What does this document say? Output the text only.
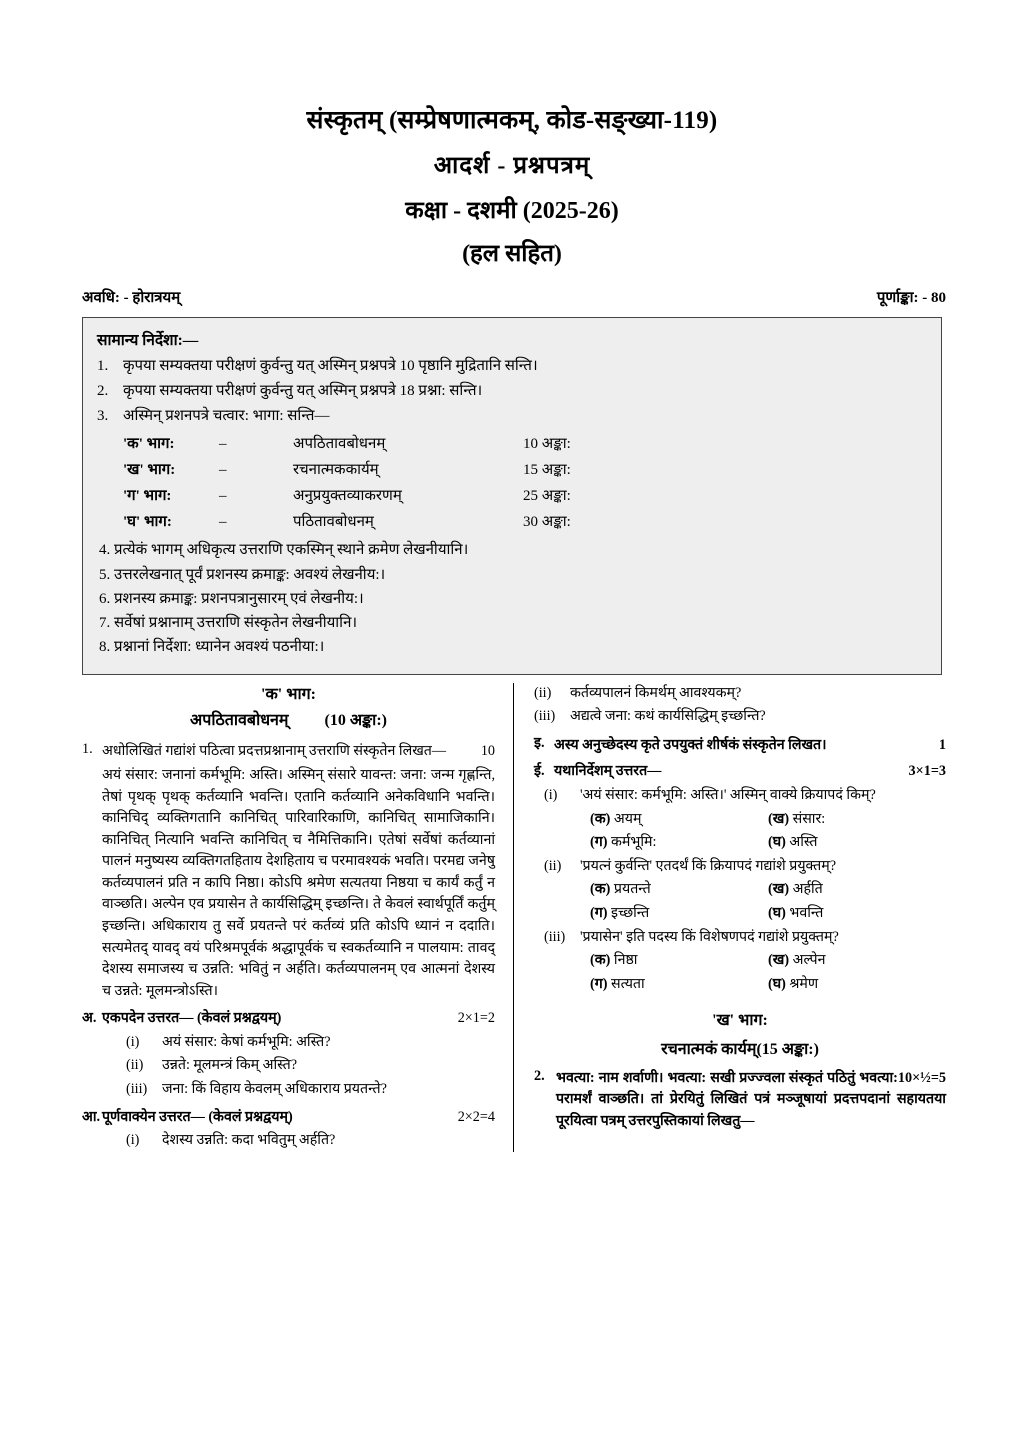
संस्कृतम् (सम्प्रेषणात्मकम्, कोड-सङ्ख्या-119)
आदर्श - प्रश्नपत्रम्
कक्षा - दशमी (2025-26)
(हल सहित)
अवधि: - होरात्रयम्	पूर्णाङ्का: - 80
सामान्य निर्देशा:—
1. कृपया सम्यक्तया परीक्षणं कुर्वन्तु यत् अस्मिन् प्रश्नपत्रे 10 पृष्ठानि मुद्रितानि सन्ति।
2. कृपया सम्यक्तया परीक्षणं कुर्वन्तु यत् अस्मिन् प्रश्नपत्रे 18 प्रश्ना: सन्ति।
3. अस्मिन् प्रशनपत्रे चत्वार: भागा: सन्ति—
'क' भाग:	–	अपठितावबोधनम्	10 अङ्का:
'ख' भाग:	–	रचनात्मककार्यम्	15 अङ्का:
'ग' भाग:	–	अनुप्रयुक्तव्याकरणम्	25 अङ्का:
'घ' भाग:	–	पठितावबोधनम्	30 अङ्का:
4. प्रत्येकं भागम् अधिकृत्य उत्तराणि एकस्मिन् स्थाने क्रमेण लेखनीयानि।
5. उत्तरलेखनात् पूर्वं प्रशनस्य क्रमाङ्क: अवश्यं लेखनीय:।
6. प्रशनस्य क्रमाङ्क: प्रशनपत्रानुसारम् एवं लेखनीय:।
7. सर्वेषां प्रश्नानाम् उत्तराणि संस्कृतेन लेखनीयानि।
8. प्रश्नानां निर्देशा: ध्यानेन अवश्यं पठनीया:।
'क' भाग:
अपठितावबोधनम् (10 अङ्का:)
1.	10
अधोलिखितं गद्यांशं पठित्वा प्रदत्तप्रश्नानाम् उत्तराणि संस्कृतेन लिखत—
अयं संसार: जनानां कर्मभूमि: अस्ति। अस्मिन् संसारे यावन्त: जना: जन्म गृह्णन्ति, तेषां पृथक् पृथक् कर्तव्यानि भवन्ति। एतानि कर्तव्यानि अनेकविधानि भवन्ति। कानिचिद् व्यक्तिगतानि कानिचित् पारिवारिकाणि, कानिचित् सामाजिकानि। कानिचित् नित्यानि भवन्ति कानिचित् च नैमित्तिकानि। एतेषां सर्वेषां कर्तव्यानां पालनं मनुष्यस्य व्यक्तिगतहिताय देशहिताय च परमावश्यकं भवति। परमद्य जनेषु कर्तव्यपालनं प्रति न कापि निष्ठा। कोऽपि श्रमेण सत्यतया निष्ठया च कार्यं कर्तुं न वाञ्छति। अल्पेन एव प्रयासेन ते कार्यसिद्धिम् इच्छन्ति। ते केवलं स्वार्थपूर्तिं कर्तुम् इच्छन्ति। अधिकाराय तु सर्वे प्रयतन्ते परं कर्तव्यं प्रति कोऽपि ध्यानं न ददाति। सत्यमेतद् यावद् वयं परिश्रमपूर्वकं श्रद्धापूर्वकं च स्वकर्तव्यानि न पालयाम: तावद् देशस्य समाजस्य च उन्नति: भवितुं न अर्हति। कर्तव्यपालनम् एव आत्मनां देशस्य च उन्नते: मूलमन्त्रोऽस्ति।
अ.	2×1=2
एकपदेन उत्तरत— (केवलं प्रश्नद्वयम्)
(i)	अयं संसार: केषां कर्मभूमि: अस्ति?
(ii)	उन्नते: मूलमन्त्रं किम् अस्ति?
(iii)	जना: किं विहाय केवलम् अधिकाराय प्रयतन्ते?
आ.	2×2=4
पूर्णवाक्येन उत्तरत— (केवलं प्रश्नद्वयम्)
(i)	देशस्य उन्नति: कदा भवितुम् अर्हति?
(ii)	कर्तव्यपालनं किमर्थम् आवश्यकम्?
(iii)	अद्यत्वे जना: कथं कार्यसिद्धिम् इच्छन्ति?
इ.	1
अस्य अनुच्छेदस्य कृते उपयुक्तं शीर्षकं संस्कृतेन लिखत।
ई.	3×1=3
यथानिर्देशम् उत्तरत—
(i)	'अयं संसार: कर्मभूमि: अस्ति।' अस्मिन् वाक्ये क्रियापदं किम्?
(क) अयम्	(ख) संसार:
(ग) कर्मभूमि:	(घ) अस्ति
(ii)	'प्रयत्नं कुर्वन्ति' एतदर्थं किं क्रियापदं गद्यांशे प्रयुक्तम्?
(क) प्रयतन्ते	(ख) अर्हति
(ग) इच्छन्ति	(घ) भवन्ति
(iii)	'प्रयासेन' इति पदस्य किं विशेषणपदं गद्यांशे प्रयुक्तम्?
(क) निष्ठा	(ख) अल्पेन
(ग) सत्यता	(घ) श्रमेण
'ख' भाग:
रचनात्मकं कार्यम्(15 अङ्का:)
2.	10×½=5
भवत्या: नाम शर्वाणी। भवत्या: सखी प्रज्ज्वला संस्कृतं पठितुं भवत्या: परामर्शं वाञ्छति। तां प्रेरयितुं लिखितं पत्रं मञ्जूषायां प्रदत्तपदानां सहायतया पूरयित्वा पत्रम् उत्तरपुस्तिकायां लिखतु—
